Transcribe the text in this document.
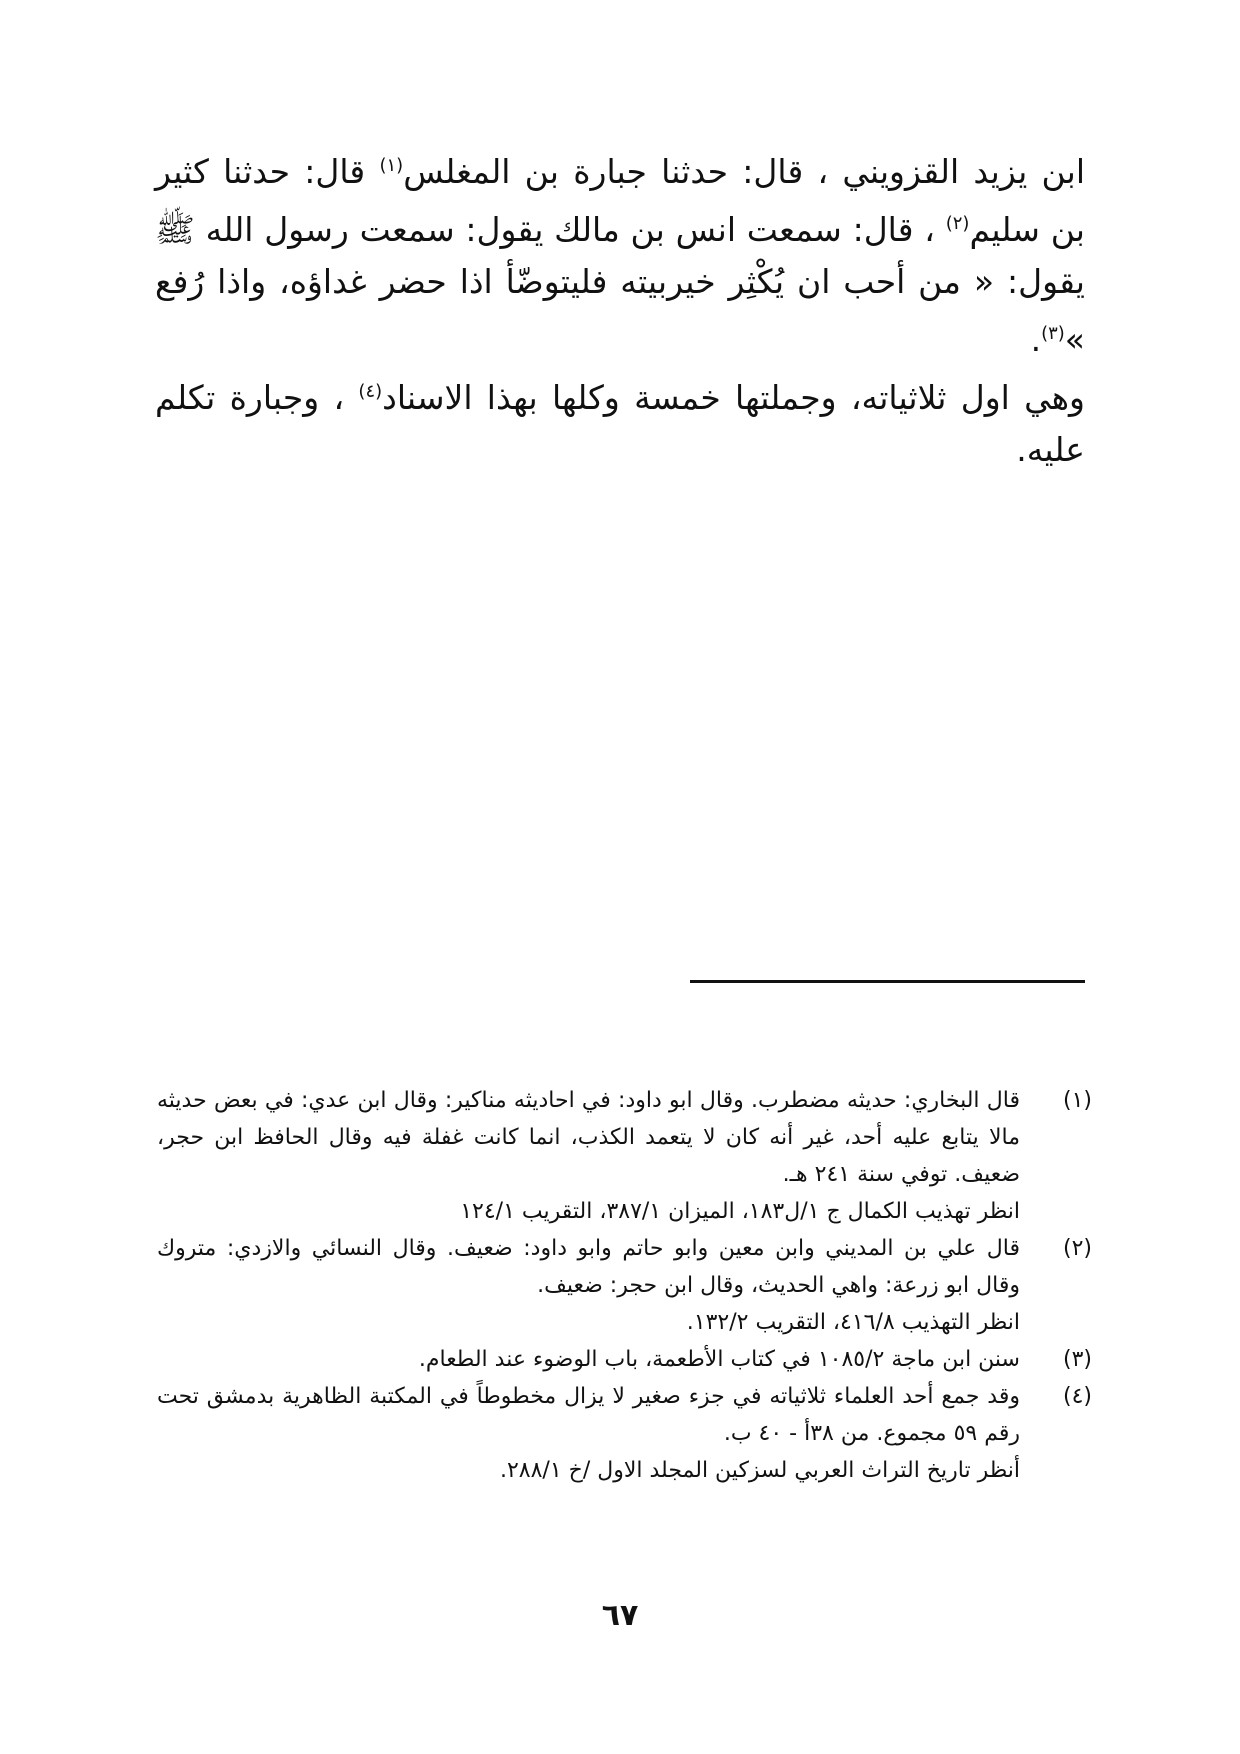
ابن يزيد القزويني ، قال: حدثنا جبارة بن المغلس$^{(١)}$ قال: حدثنا كثير بن سليم$^{(٢)}$ ، قال: سمعت انس بن مالك يقول: سمعت رسول الله ﷺ يقول: « من أحب ان يُكْثِر خيربيته فليتوضّأ اذا حضر غداؤه، واذا رُفع »$^{(٣)}$.

وهي اول ثلاثياته، وجملتها خمسة وكلها بهذا الاسناد$^{(٤)}$ ، وجبارة تكلم عليه.

(١)
قال البخاري: حديثه مضطرب. وقال ابو داود: في احاديثه مناكير: وقال ابن عدي: في بعض حديثه مالا يتابع عليه أحد، غير أنه كان لا يتعمد الكذب، انما كانت غفلة فيه وقال الحافظ ابن حجر، ضعيف. توفي سنة ٢٤١ هـ.
انظر تهذيب الكمال ج ١/ل١٨٣، الميزان ٣٨٧/١، التقريب ١٢٤/١
(٢)
قال علي بن المديني وابن معين وابو حاتم وابو داود: ضعيف. وقال النسائي والازدي: متروك وقال ابو زرعة: واهي الحديث، وقال ابن حجر: ضعيف.
انظر التهذيب ٤١٦/٨، التقريب ١٣٢/٢.
(٣)
سنن ابن ماجة ١٠٨٥/٢ في كتاب الأطعمة، باب الوضوء عند الطعام.
(٤)
وقد جمع أحد العلماء ثلاثياته في جزء صغير لا يزال مخطوطاً في المكتبة الظاهرية بدمشق تحت رقم ٥٩ مجموع. من ٣٨أ - ٤٠ ب.
أنظر تاريخ التراث العربي لسزكين المجلد الاول /خ ٢٨٨/١.
٦٧
